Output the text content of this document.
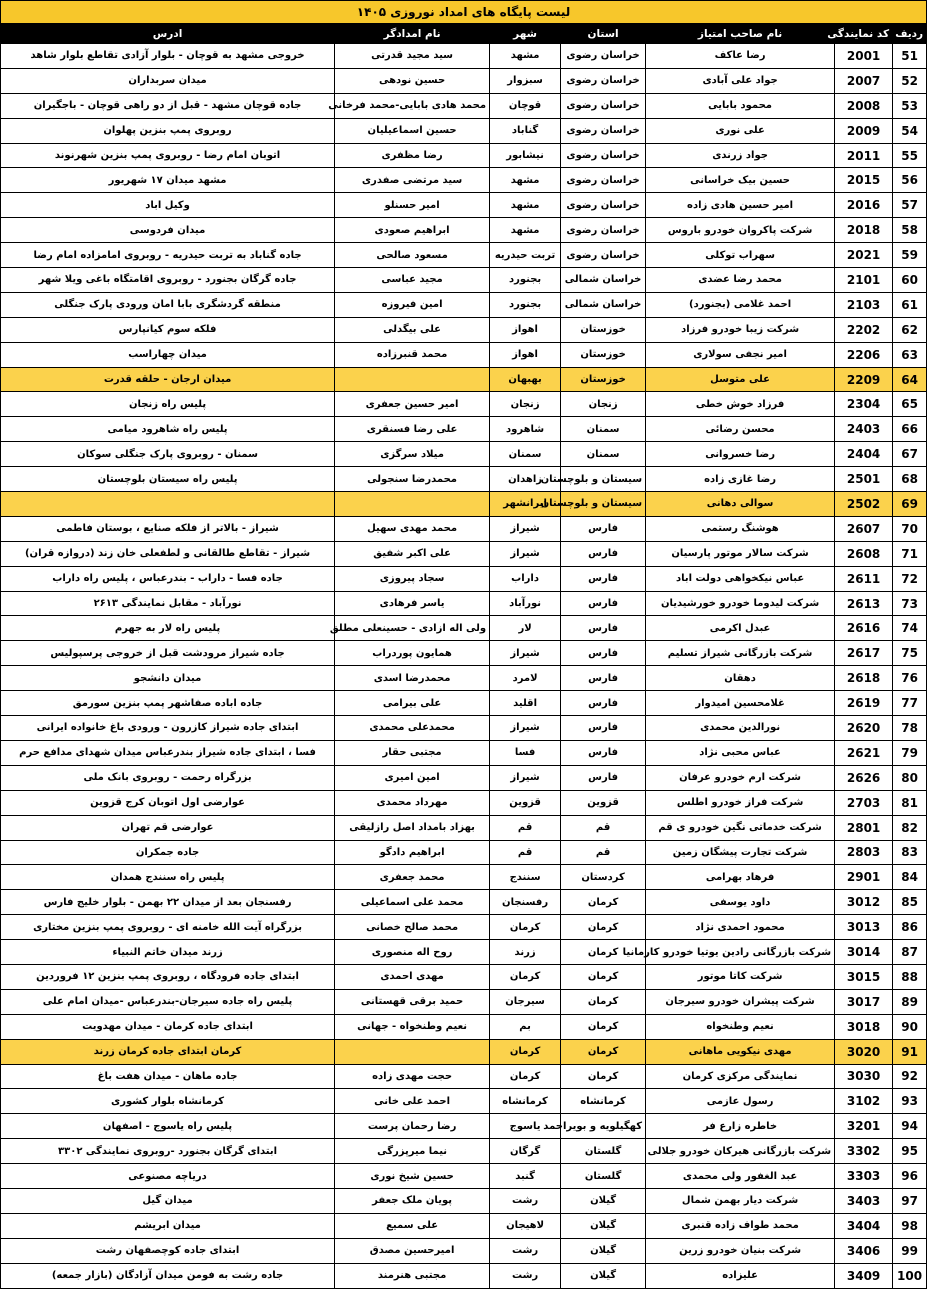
لیست پایگاه های امداد نوروزی ۱۴۰۵						
ردیف	کد نمایندگی	نام صاحب امتیاز	استان	شهر	نام امدادگر	ادرس
51	2001	رضا عاکف	خراسان رضوی	مشهد	سید مجید قدرتی	خروجی مشهد به قوچان - بلوار آزادی تقاطع بلوار شاهد
52	2007	جواد علی آبادی	خراسان رضوی	سبزوار	حسین نودهی	میدان سربداران
53	2008	محمود بابایی	خراسان رضوی	قوچان	محمد هادی بابایی-محمد فرخانی	جاده قوچان مشهد - قبل از دو راهی قوچان - باجگیران
54	2009	علی نوری	خراسان رضوی	گناباد	حسین اسماعیلیان	روبروی پمپ بنزین پهلوان
55	2011	جواد زرندی	خراسان رضوی	نیشابور	رضا مظفری	اتوبان امام رضا - روبروی پمپ بنزین شهرنوند
56	2015	حسین بیک خراسانی	خراسان رضوی	مشهد	سید مرتضی صفدری	مشهد میدان ۱۷ شهریور
57	2016	امیر حسین هادی زاده	خراسان رضوی	مشهد	امیر حسنلو	وکیل اباد
58	2018	شرکت پاکروان خودرو باروس	خراسان رضوی	مشهد	ابراهیم صعودی	میدان فردوسی
59	2021	سهراب توکلی	خراسان رضوی	تربت حیدریه	مسعود صالحی	جاده گناباد به تربت حیدریه - روبروی امامزاده امام رضا
60	2101	محمد رضا عضدی	خراسان شمالی	بجنورد	مجید عباسی	جاده گرگان بجنورد - روبروی اقامتگاه باغی ویلا شهر
61	2103	احمد غلامی (بجنورد)	خراسان شمالی	بجنورد	امین فیروزه	منطقه گردشگری بابا امان ورودی پارک جنگلی
62	2202	شرکت زیبا خودرو فرزاد	خوزستان	اهواز	علی بیگدلی	فلکه سوم کیانپارس
63	2206	امیر نجفی سولاری	خوزستان	اهواز	محمد قنبرزاده	میدان چهاراسب
64	2209	علی متوسل	خوزستان	بهبهان		میدان ارجان - حلقه قدرت
65	2304	فرزاد خوش خطی	زنجان	زنجان	امیر حسین جعفری	پلیس راه زنجان
66	2403	محسن رضائی	سمنان	شاهرود	علی رضا فسنقری	پلیس راه شاهرود میامی
67	2404	رضا خسروانی	سمنان	سمنان	میلاد سرگزی	سمنان - روبروی پارک جنگلی سوکان
68	2501	رضا غازی زاده	سیستان و بلوچستان	زاهدان	محمدرضا سنجولی	پلیس راه سیستان بلوچستان
69	2502	سوالی دهانی	سیستان و بلوچستان	ایرانشهر		
70	2607	هوشنگ رستمی	فارس	شیراز	محمد مهدی سهیل	شیراز - بالاتر از فلکه صنایع ، بوستان فاطمی
71	2608	شرکت سالار موتور پارسیان	فارس	شیراز	علی اکبر شفیق	شیراز - تقاطع طالقانی و لطفعلی خان زند (دروازه قران)
72	2611	عباس نیکخواهی دولت اباد	فارس	داراب	سجاد پیروزی	جاده فسا - داراب - بندرعباس ، پلیس راه داراب
73	2613	شرکت لیدوما خودرو خورشیدیان	فارس	نورآباد	یاسر فرهادی	نورآباد - مقابل نمایندگی ۲۶۱۳
74	2616	عبدل اکرمی	فارس	لار	ولی اله ازادی - حسینعلی مطلق	پلیس راه لار به جهرم
75	2617	شرکت بازرگانی شیراز تسلیم	فارس	شیراز	همایون پوردراب	جاده شیراز مرودشت قبل از خروجی پرسپولیس
76	2618	دهقان	فارس	لامرد	محمدرضا اسدی	میدان دانشجو
77	2619	غلامحسین امیدوار	فارس	اقلید	علی بیرامی	جاده اباده صفاشهر پمپ بنزین سورمق
78	2620	نورالدین محمدی	فارس	شیراز	محمدعلی محمدی	ابتدای جاده شیراز کازرون - ورودی باغ خانواده ایرانی
79	2621	عباس محبی نژاد	فارس	فسا	مجتبی حقار	فسا ، ابتدای جاده شیراز بندرعباس میدان شهدای مدافع حرم
80	2626	شرکت ارم خودرو عرفان	فارس	شیراز	امین امیری	بزرگراه رحمت - روبروی بانک ملی
81	2703	شرکت فراز خودرو اطلس	قزوین	قزوین	مهرداد محمدی	عوارضی اول اتوبان کرج قزوین
82	2801	شرکت خدماتی نگین خودرو ی قم	قم	قم	بهزاد بامداد اصل رازلیقی	عوارضی قم تهران
83	2803	شرکت تجارت پیشگان زمین	قم	قم	ابراهیم دادگو	جاده جمکران
84	2901	فرهاد بهرامی	کردستان	سنندج	محمد جعفری	پلیس راه سنندج همدان
85	3012	داود یوسفی	کرمان	رفسنجان	محمد علی اسماعیلی	رفسنجان بعد از میدان ۲۲ بهمن - بلوار خلیج فارس
86	3013	محمود احمدی نژاد	کرمان	کرمان	محمد صالح خصانی	بزرگراه آیت الله خامنه ای - روبروی پمپ بنزین مختاری
87	3014	شرکت بازرگانی رادین یوتیا خودرو کارمانیا	کرمان	زرند	روح اله منصوری	زرند میدان خاتم النبیاء
88	3015	شرکت کاتا موتور	کرمان	کرمان	مهدی احمدی	ابتدای جاده فرودگاه ، روبروی پمپ بنزین ۱۲ فروردین
89	3017	شرکت پیشران خودرو سیرجان	کرمان	سیرجان	حمید برقی قهستانی	پلیس راه جاده سیرجان-بندرعباس -میدان امام علی
90	3018	نعیم وطنخواه	کرمان	بم	نعیم وطنخواه - جهانی	ابتدای جاده کرمان - میدان مهدویت
91	3020	مهدی نیکویی ماهانی	کرمان	کرمان		کرمان ابتدای جاده کرمان زرند
92	3030	نمایندگی مرکزی کرمان	کرمان	کرمان	حجت مهدی زاده	جاده ماهان - میدان هفت باغ
93	3102	رسول عازمی	کرمانشاه	کرمانشاه	احمد علی خانی	کرمانشاه بلوار کشوری
94	3201	خاطره زارع فر	کهگیلویه و بویراحمد	یاسوج	رضا رحمان پرست	پلیس راه یاسوج - اصفهان
95	3302	شرکت بازرگانی هیرکان خودرو جلالی	گلستان	گرگان	نیما میرپزرگی	ابتدای گرگان بجنورد -روبروی نمایندگی ۳۳۰۲
96	3303	عبد الغفور ولی محمدی	گلستان	گنبد	حسین شیخ نوری	دریاچه مصنوعی
97	3403	شرکت دیار بهمن شمال	گیلان	رشت	پویان ملک جعفر	میدان گیل
98	3404	محمد طواف زاده قنبری	گیلان	لاهیجان	علی سمیع	میدان ابریشم
99	3406	شرکت بنیان خودرو زرین	گیلان	رشت	امیرحسین مصدق	ابتدای جاده کوچصفهان رشت
100	3409	علیزاده	گیلان	رشت	مجتبی هنرمند	جاده رشت به فومن میدان آزادگان (بازار جمعه)
